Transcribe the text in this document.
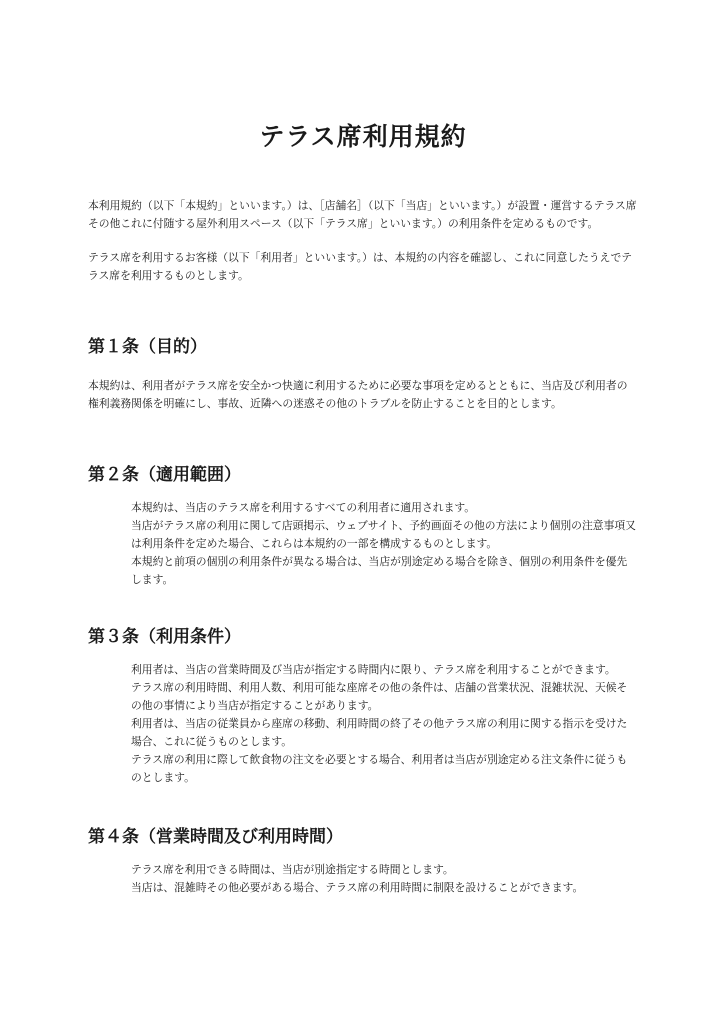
テラス席利用規約

本利用規約（以下「本規約」といいます。）は、［店舗名］（以下「当店」といいます。）が設置・運営するテラス席その他これに付随する屋外利用スペース（以下「テラス席」といいます。）の利用条件を定めるものです。

テラス席を利用するお客様（以下「利用者」といいます。）は、本規約の内容を確認し、これに同意したうえでテラス席を利用するものとします。

第１条（目的）

本規約は、利用者がテラス席を安全かつ快適に利用するために必要な事項を定めるとともに、当店及び利用者の権利義務関係を明確にし、事故、近隣への迷惑その他のトラブルを防止することを目的とします。

第２条（適用範囲）

本規約は、当店のテラス席を利用するすべての利用者に適用されます。

当店がテラス席の利用に関して店頭掲示、ウェブサイト、予約画面その他の方法により個別の注意事項又は利用条件を定めた場合、これらは本規約の一部を構成するものとします。

本規約と前項の個別の利用条件が異なる場合は、当店が別途定める場合を除き、個別の利用条件を優先します。

第３条（利用条件）

利用者は、当店の営業時間及び当店が指定する時間内に限り、テラス席を利用することができます。

テラス席の利用時間、利用人数、利用可能な座席その他の条件は、店舗の営業状況、混雑状況、天候その他の事情により当店が指定することがあります。

利用者は、当店の従業員から座席の移動、利用時間の終了その他テラス席の利用に関する指示を受けた場合、これに従うものとします。

テラス席の利用に際して飲食物の注文を必要とする場合、利用者は当店が別途定める注文条件に従うものとします。

第４条（営業時間及び利用時間）

テラス席を利用できる時間は、当店が別途指定する時間とします。

当店は、混雑時その他必要がある場合、テラス席の利用時間に制限を設けることができます。
